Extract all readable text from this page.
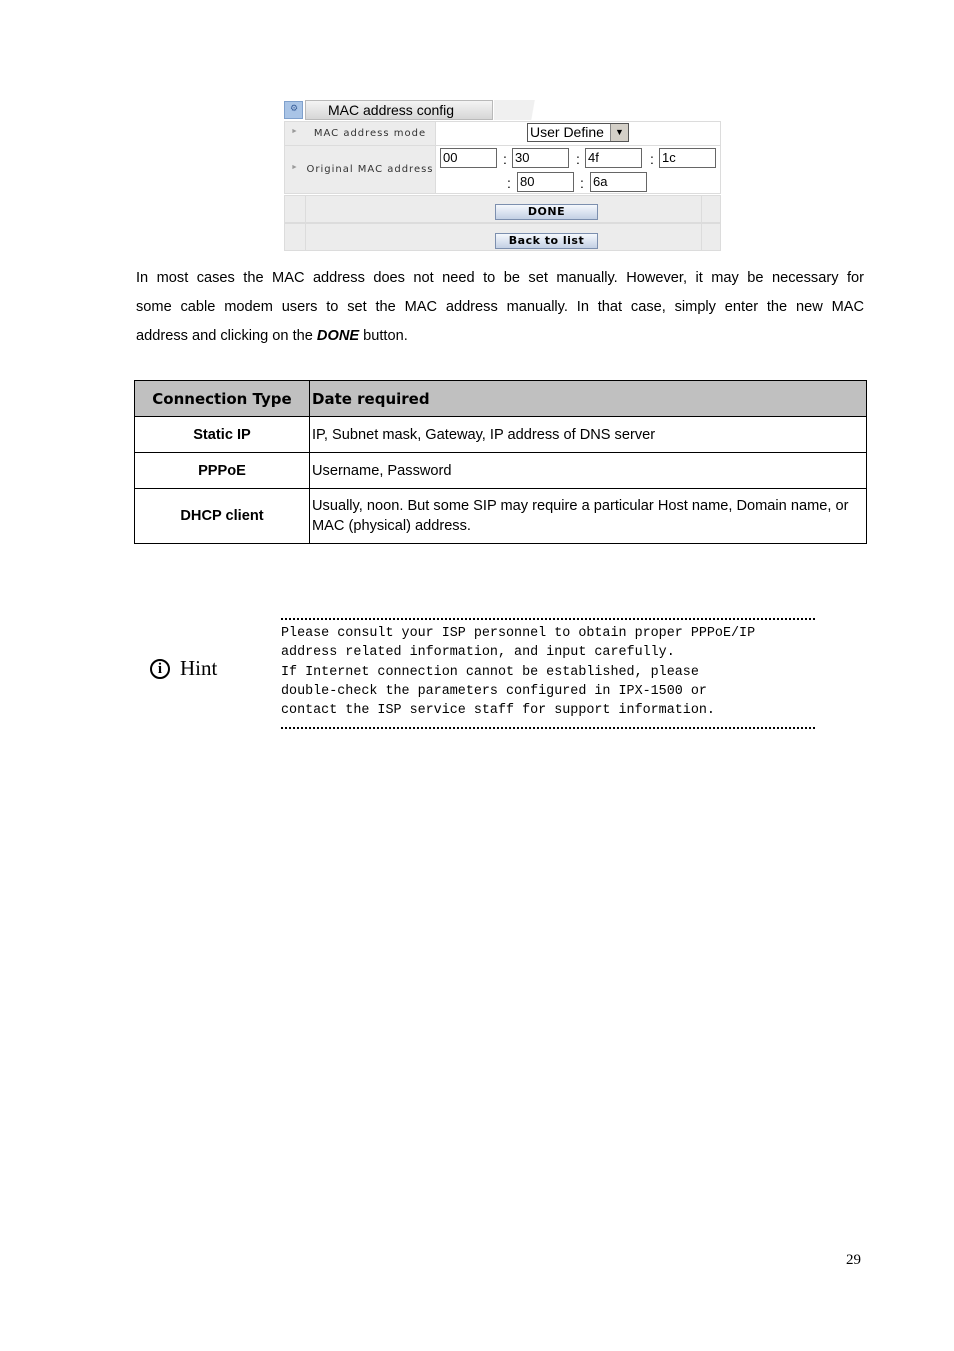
⚙	MAC address config
►	MAC address mode	User Define	▼
► Original MAC address
00	: 30	: 4f	: 1c
: 80	: 6a
DONE
Back to list
In most cases the MAC address does not need to be set manually. However, it may be necessary for
some cable modem users to set the MAC address manually. In that case, simply enter the new MAC
address and clicking on the DONE button.
Connection Type	Date required
Static IP	IP, Subnet mask, Gateway, IP address of DNS server
PPPoE	Username, Password
DHCP client	Usually, noon. But some SIP may require a particular Host name, Domain name, or MAC (physical) address.
i Hint
Please consult your ISP personnel to obtain proper PPPoE/IP
address related information, and input carefully.
If Internet connection cannot be established, please
double-check the parameters configured in IPX-1500 or
contact the ISP service staff for support information.
29
